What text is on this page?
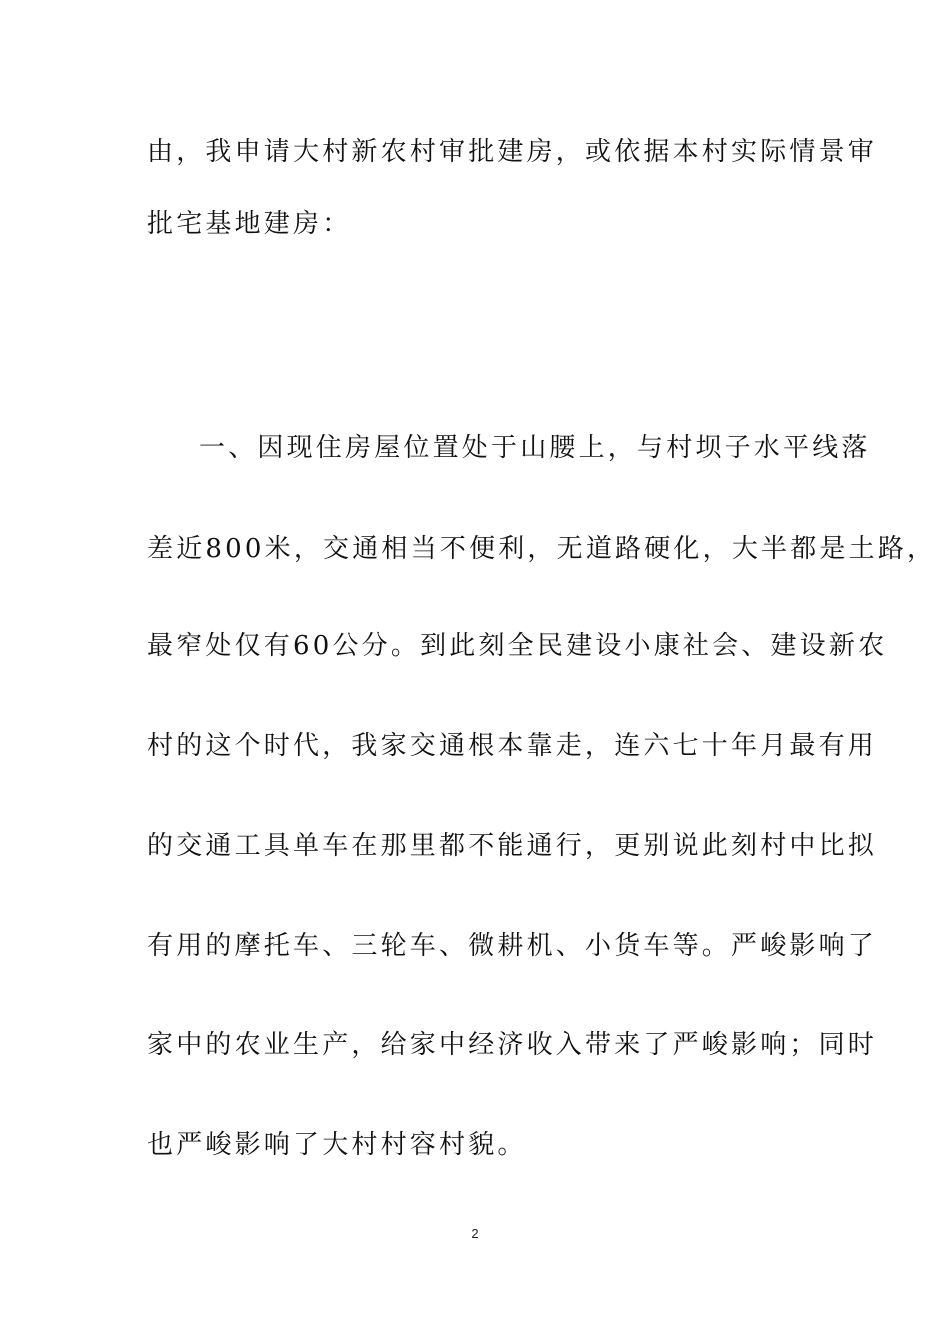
由，我申请大村新农村审批建房，或依据本村实际情景审
批宅基地建房：
一、因现住房屋位置处于山腰上，与村坝子水平线落
差近800米，交通相当不便利，无道路硬化，大半都是土路，
最窄处仅有60公分。到此刻全民建设小康社会、建设新农
村的这个时代，我家交通根本靠走，连六七十年月最有用
的交通工具单车在那里都不能通行，更别说此刻村中比拟
有用的摩托车、三轮车、微耕机、小货车等。严峻影响了
家中的农业生产，给家中经济收入带来了严峻影响；同时
也严峻影响了大村村容村貌。
2
